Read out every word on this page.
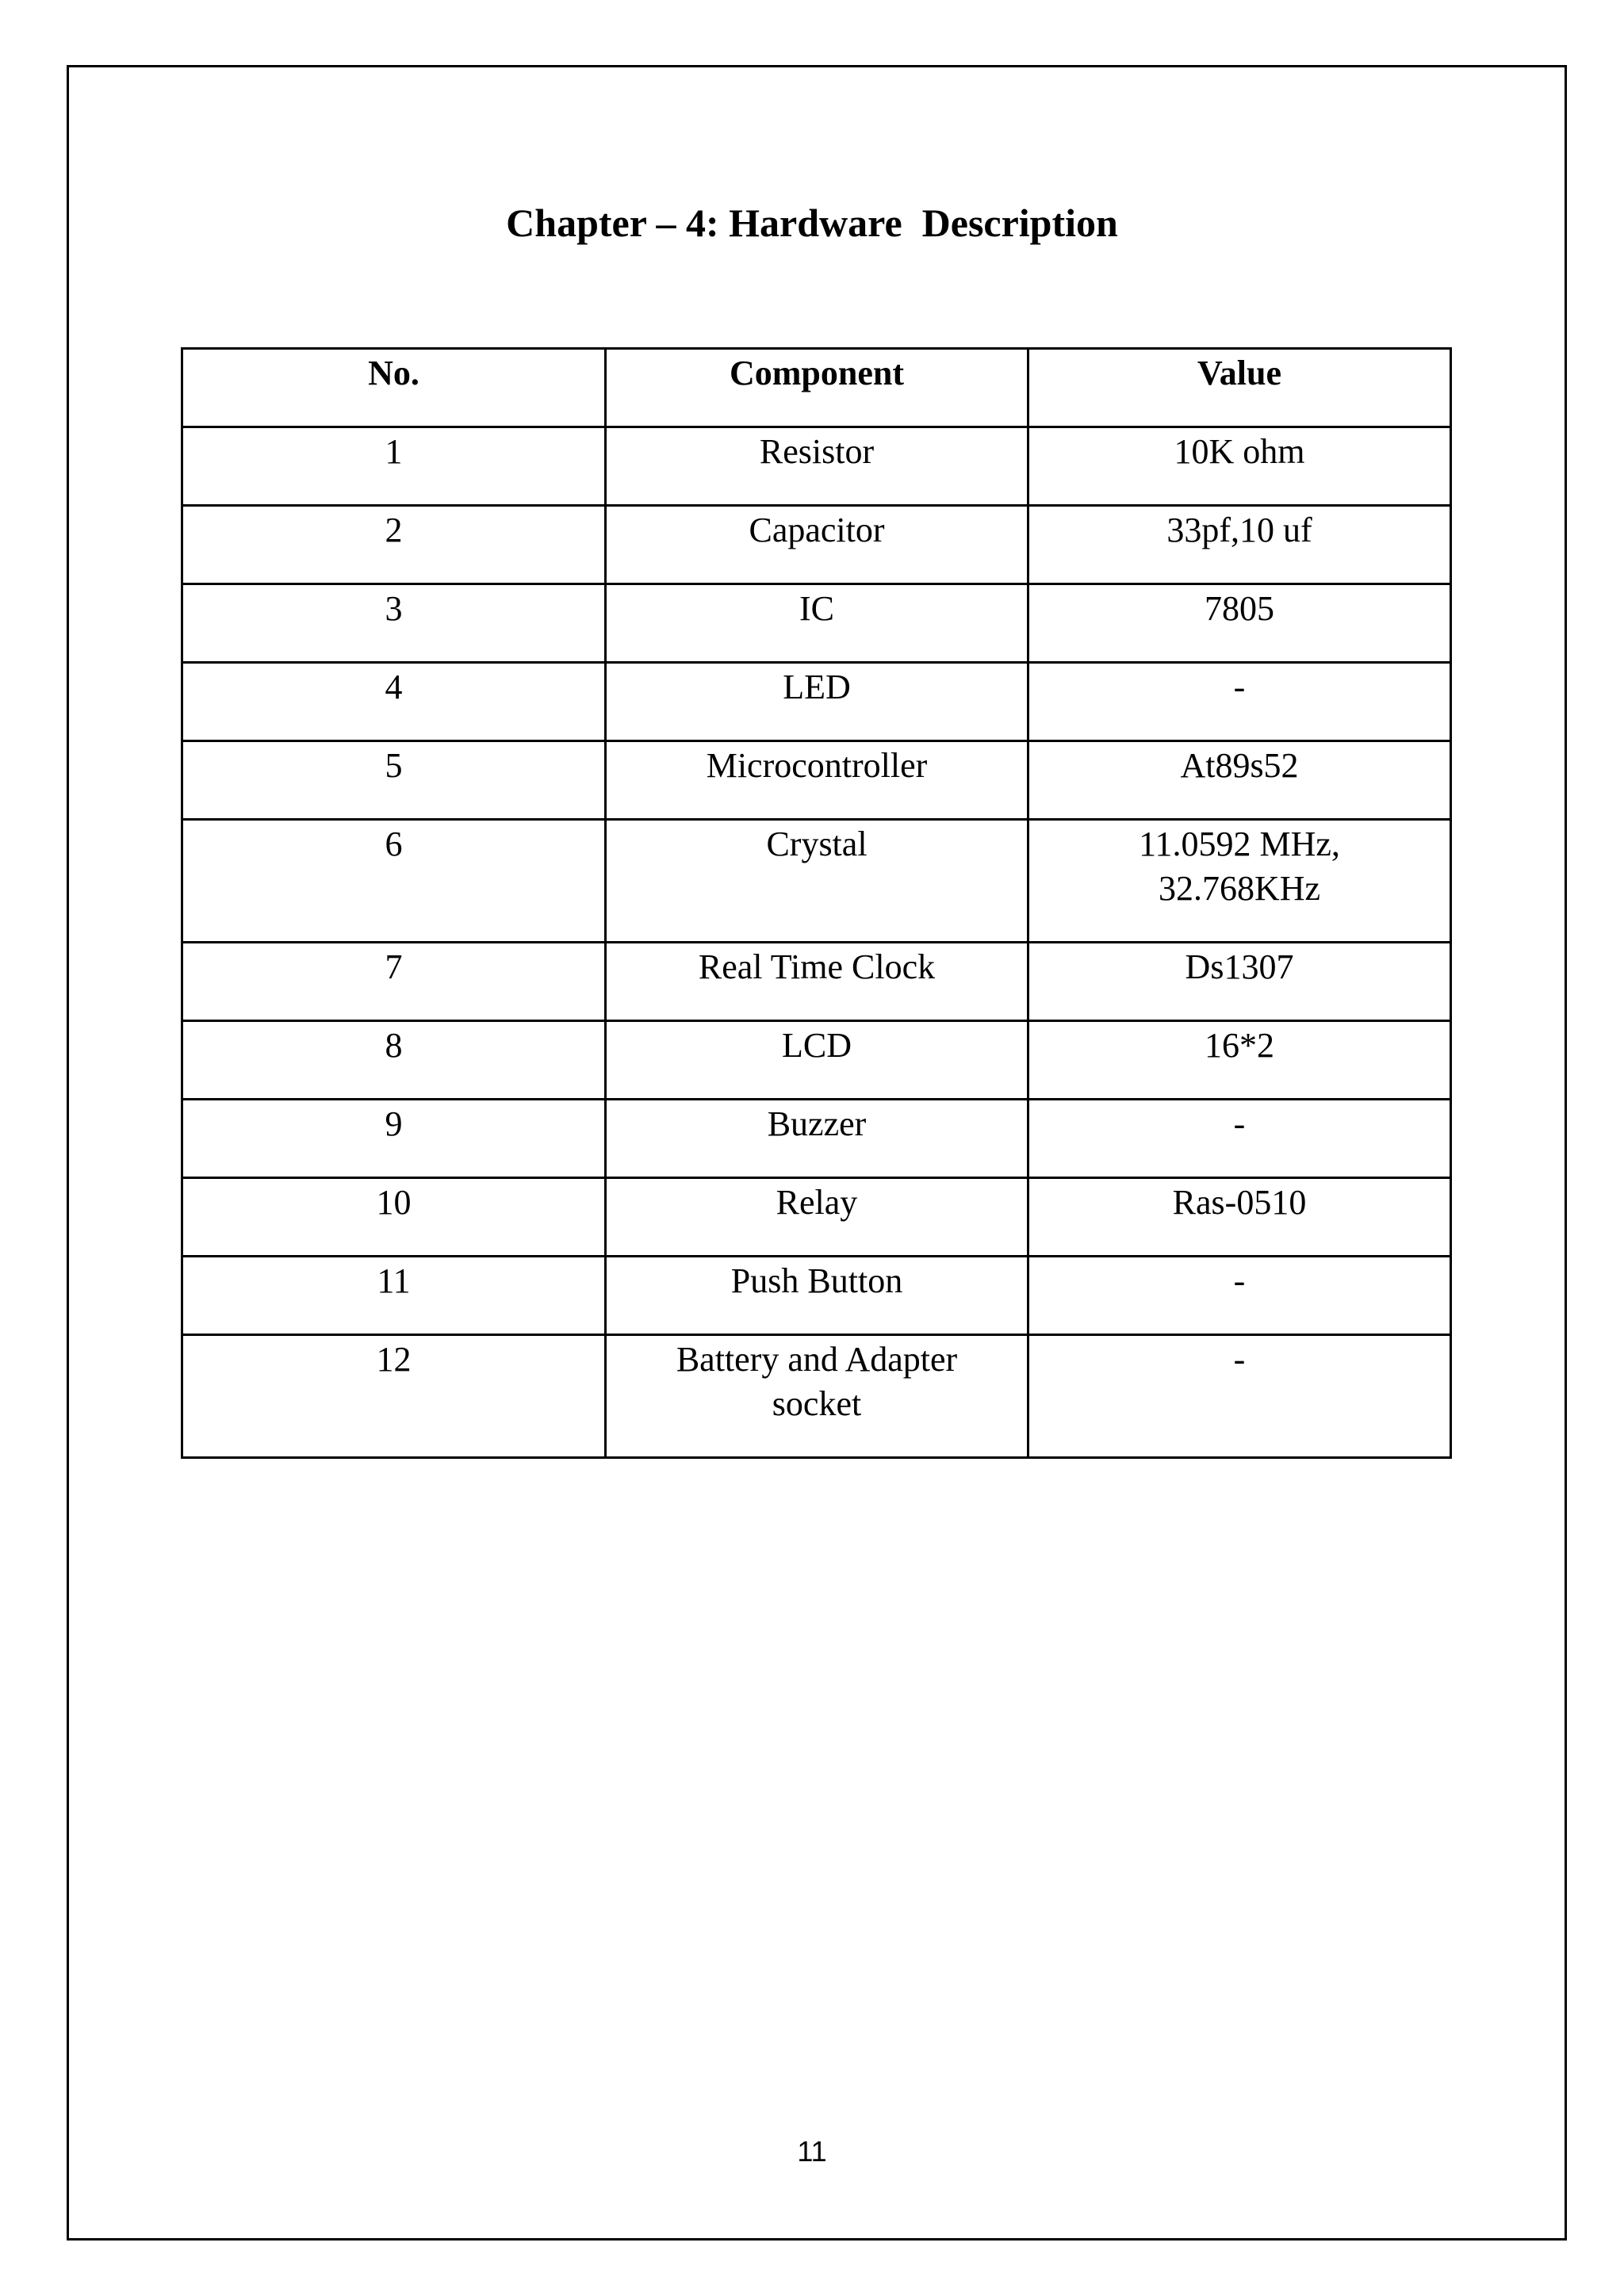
Chapter – 4: Hardware  Description
No.	Component	Value
1	Resistor	10K ohm
2	Capacitor	33pf,10 uf
3	IC	7805
4	LED	-
5	Microcontroller	At89s52
6	Crystal	11.0592 MHz, 32.768KHz
7	Real Time Clock	Ds1307
8	LCD	16*2
9	Buzzer	-
10	Relay	Ras-0510
11	Push Button	-
12	Battery and Adapter socket	-
11
